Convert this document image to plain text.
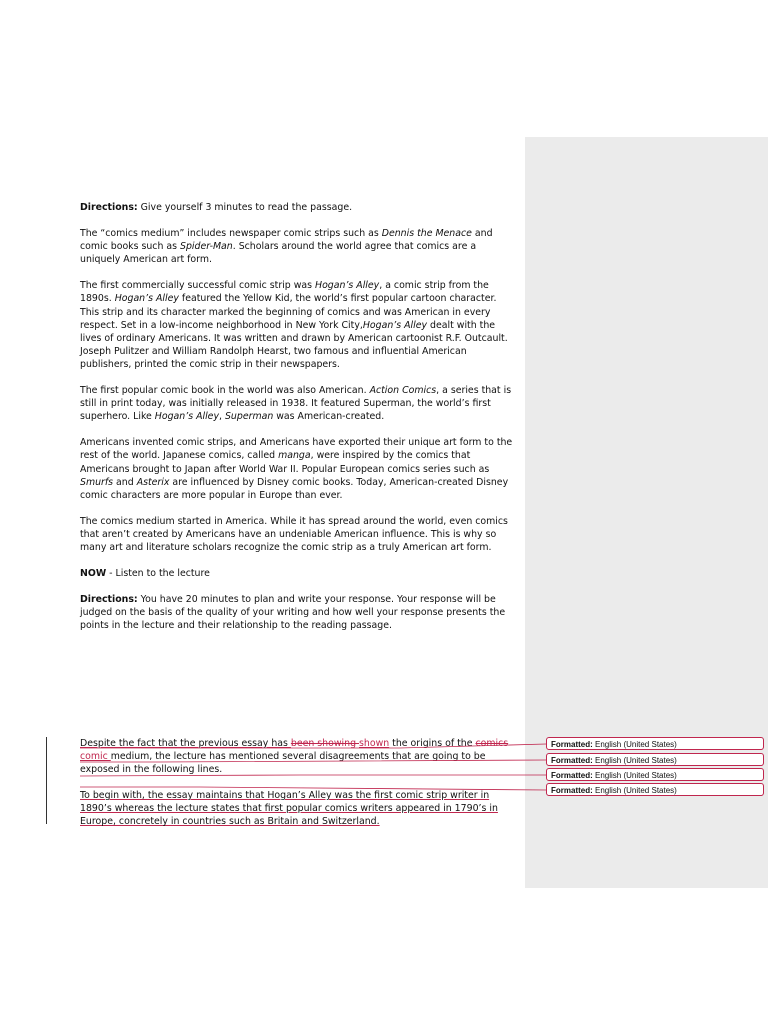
Directions: Give yourself 3 minutes to read the passage.

The “comics medium” includes newspaper comic strips such as Dennis the Menace and comic books such as Spider-Man. Scholars around the world agree that comics are a uniquely American art form.

The first commercially successful comic strip was Hogan’s Alley, a comic strip from the 1890s. Hogan’s Alley featured the Yellow Kid, the world’s first popular cartoon character. This strip and its character marked the beginning of comics and was American in every respect. Set in a low-income neighborhood in New York City,Hogan’s Alley dealt with the lives of ordinary Americans. It was written and drawn by American cartoonist R.F. Outcault. Joseph Pulitzer and William Randolph Hearst, two famous and influential American publishers, printed the comic strip in their newspapers.

The first popular comic book in the world was also American. Action Comics, a series that is still in print today, was initially released in 1938. It featured Superman, the world’s first superhero. Like Hogan’s Alley, Superman was American-created.

Americans invented comic strips, and Americans have exported their unique art form to the rest of the world. Japanese comics, called manga, were inspired by the comics that Americans brought to Japan after World War II. Popular European comics series such as Smurfs and Asterix are influenced by Disney comic books. Today, American-created Disney comic characters are more popular in Europe than ever.

The comics medium started in America. While it has spread around the world, even comics that aren’t created by Americans have an undeniable American influence. This is why so many art and literature scholars recognize the comic strip as a truly American art form.

NOW - Listen to the lecture

Directions: You have 20 minutes to plan and write your response. Your response will be judged on the basis of the quality of your writing and how well your response presents the points in the lecture and their relationship to the reading passage.

Despite the fact that the previous essay has been showing shown the origins of the comics comic medium, the lecture has mentioned several disagreements that are going to be exposed in the following lines.

To begin with, the essay maintains that Hogan’s Alley was the first comic strip writer in 1890’s whereas the lecture states that first popular comics writers appeared in 1790’s in Europe, concretely in countries such as Britain and Switzerland.

Formatted: English (United States)
Formatted: English (United States)
Formatted: English (United States)
Formatted: English (United States)
